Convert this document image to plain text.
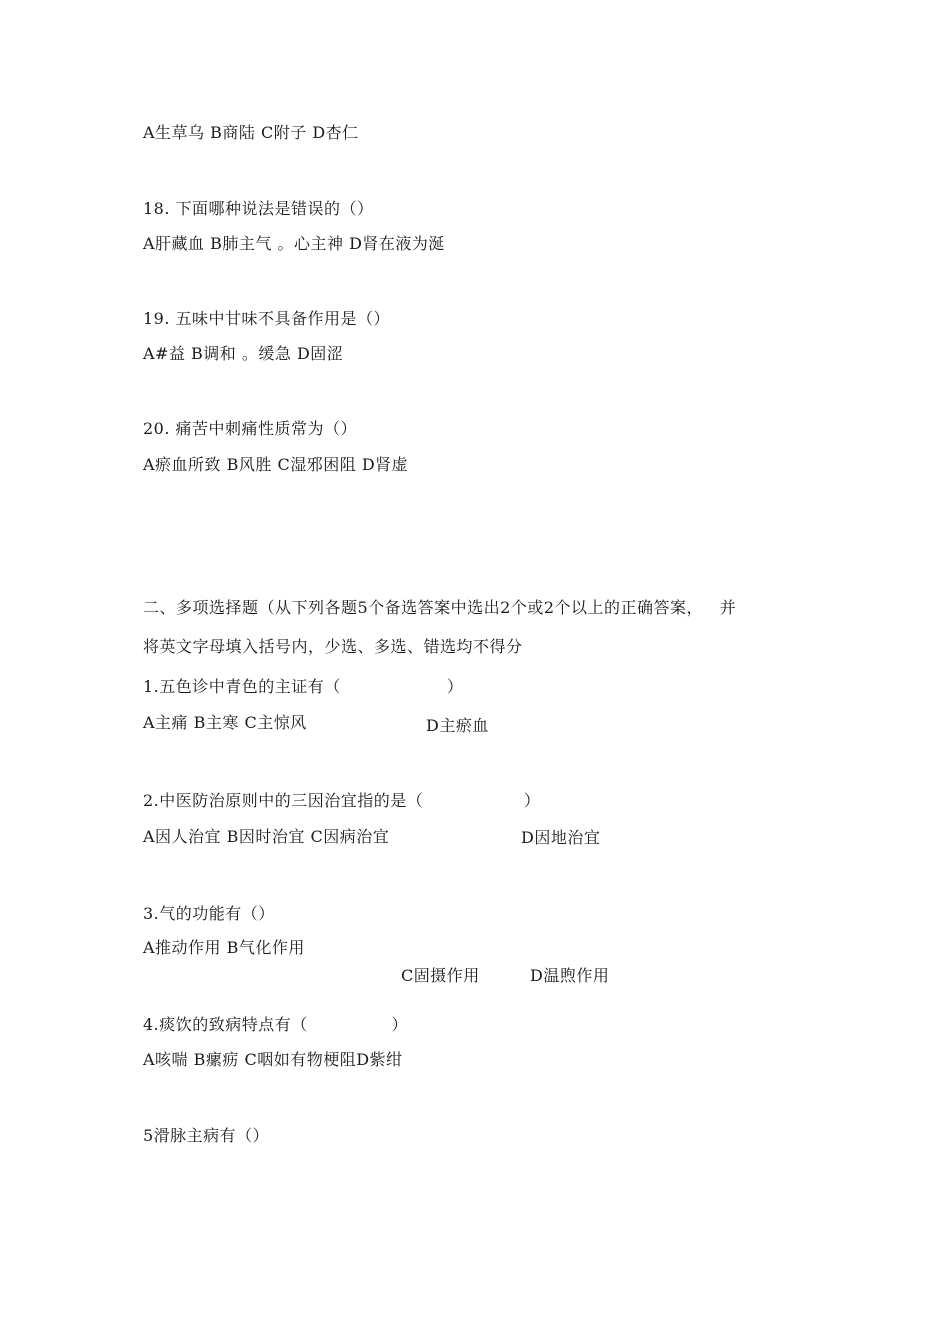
A生草乌 B商陆 C附子 D杏仁
18. 下面哪种说法是错误的（）
A肝藏血 B肺主气 。心主神 D肾在液为涎
19. 五味中甘味不具备作用是（）
A#益 B调和 。缓急 D固涩
20. 痛苦中刺痛性质常为（）
A瘀血所致 B风胜 C湿邪困阻 D肾虚
二、多项选择题（从下列各题5个备选答案中选出2个或2个以上的正确答案，   并
将英文字母填入括号内，少选、多选、错选均不得分
1.五色诊中青色的主证有（                   ）
A主痛 B主寒 C主惊风	D主瘀血
2.中医防治原则中的三因治宜指的是（                  ）
A因人治宜 B因时治宜 C因病治宜	D因地治宜
3.气的功能有（）
A推动作用 B气化作用
C固摄作用	D温煦作用
4.痰饮的致病特点有（               ）
A咳喘 B瘰疬 C咽如有物梗阻D紫绀
5滑脉主病有（）
